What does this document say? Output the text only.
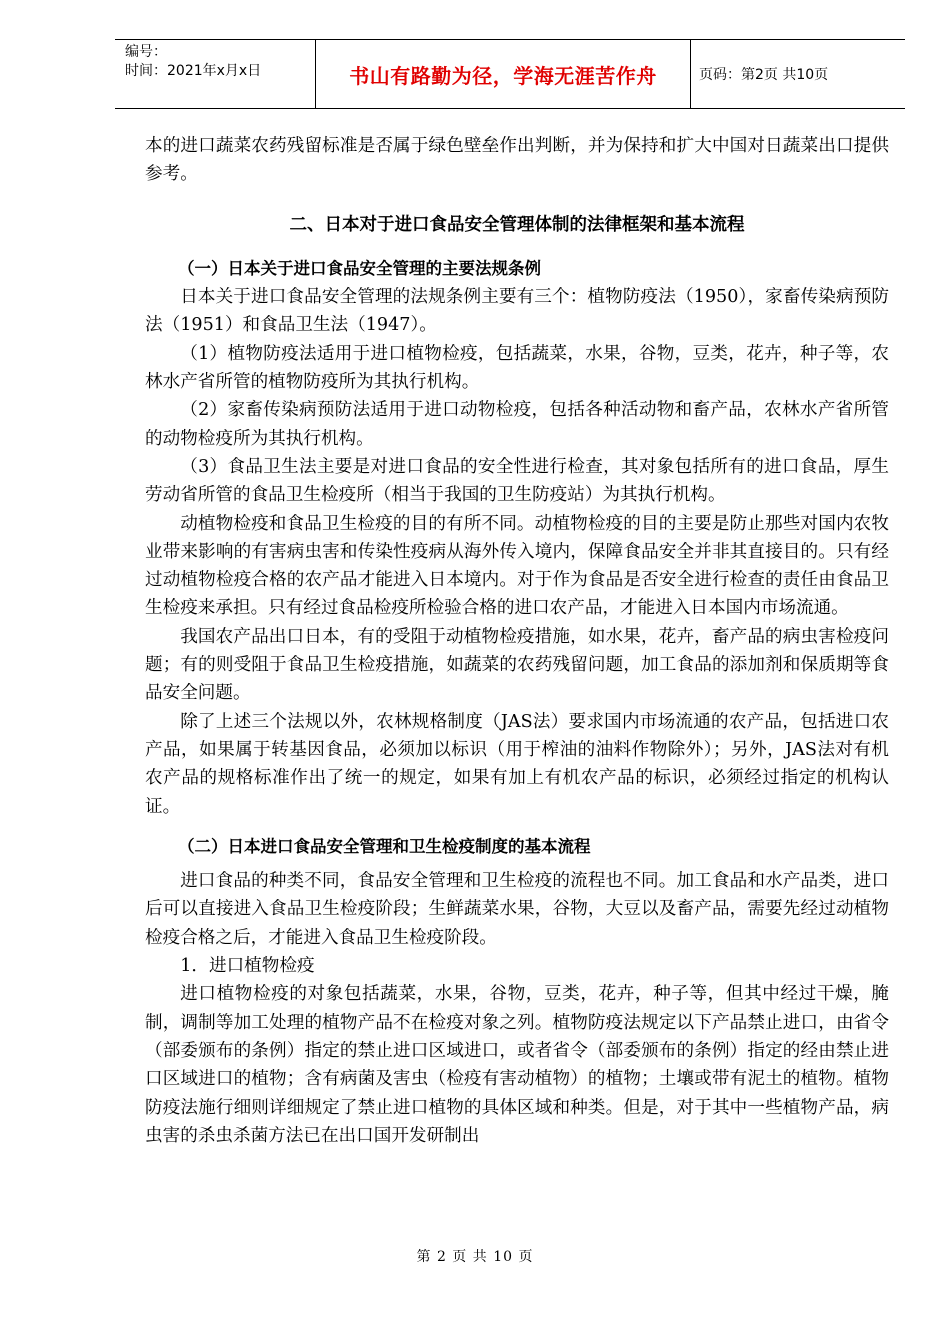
编号：
时间：2021年x月x日	书山有路勤为径，学海无涯苦作舟	页码：第2页 共10页

本的进口蔬菜农药残留标准是否属于绿色壁垒作出判断，并为保持和扩大中国对日蔬菜出口提供参考。

二、日本对于进口食品安全管理体制的法律框架和基本流程

（一）日本关于进口食品安全管理的主要法规条例

日本关于进口食品安全管理的法规条例主要有三个：植物防疫法（1950），家畜传染病预防法（1951）和食品卫生法（1947）。

（1）植物防疫法适用于进口植物检疫，包括蔬菜，水果，谷物，豆类，花卉，种子等，农林水产省所管的植物防疫所为其执行机构。

（2）家畜传染病预防法适用于进口动物检疫，包括各种活动物和畜产品，农林水产省所管的动物检疫所为其执行机构。

（3）食品卫生法主要是对进口食品的安全性进行检查，其对象包括所有的进口食品，厚生劳动省所管的食品卫生检疫所（相当于我国的卫生防疫站）为其执行机构。

动植物检疫和食品卫生检疫的目的有所不同。动植物检疫的目的主要是防止那些对国内农牧业带来影响的有害病虫害和传染性疫病从海外传入境内，保障食品安全并非其直接目的。只有经过动植物检疫合格的农产品才能进入日本境内。对于作为食品是否安全进行检查的责任由食品卫生检疫来承担。只有经过食品检疫所检验合格的进口农产品，才能进入日本国内市场流通。

我国农产品出口日本，有的受阻于动植物检疫措施，如水果，花卉，畜产品的病虫害检疫问题；有的则受阻于食品卫生检疫措施，如蔬菜的农药残留问题，加工食品的添加剂和保质期等食品安全问题。

除了上述三个法规以外，农林规格制度（JAS法）要求国内市场流通的农产品，包括进口农产品，如果属于转基因食品，必须加以标识（用于榨油的油料作物除外）；另外，JAS法对有机农产品的规格标准作出了统一的规定，如果有加上有机农产品的标识，必须经过指定的机构认证。

（二）日本进口食品安全管理和卫生检疫制度的基本流程

进口食品的种类不同，食品安全管理和卫生检疫的流程也不同。加工食品和水产品类，进口后可以直接进入食品卫生检疫阶段；生鲜蔬菜水果，谷物，大豆以及畜产品，需要先经过动植物检疫合格之后，才能进入食品卫生检疫阶段。

1．进口植物检疫

进口植物检疫的对象包括蔬菜，水果，谷物，豆类，花卉，种子等，但其中经过干燥，腌制，调制等加工处理的植物产品不在检疫对象之列。植物防疫法规定以下产品禁止进口，由省令（部委颁布的条例）指定的禁止进口区域进口，或者省令（部委颁布的条例）指定的经由禁止进口区域进口的植物；含有病菌及害虫（检疫有害动植物）的植物；土壤或带有泥土的植物。植物防疫法施行细则详细规定了禁止进口植物的具体区域和种类。但是，对于其中一些植物产品，病虫害的杀虫杀菌方法已在出口国开发研制出

第 2 页 共 10 页
